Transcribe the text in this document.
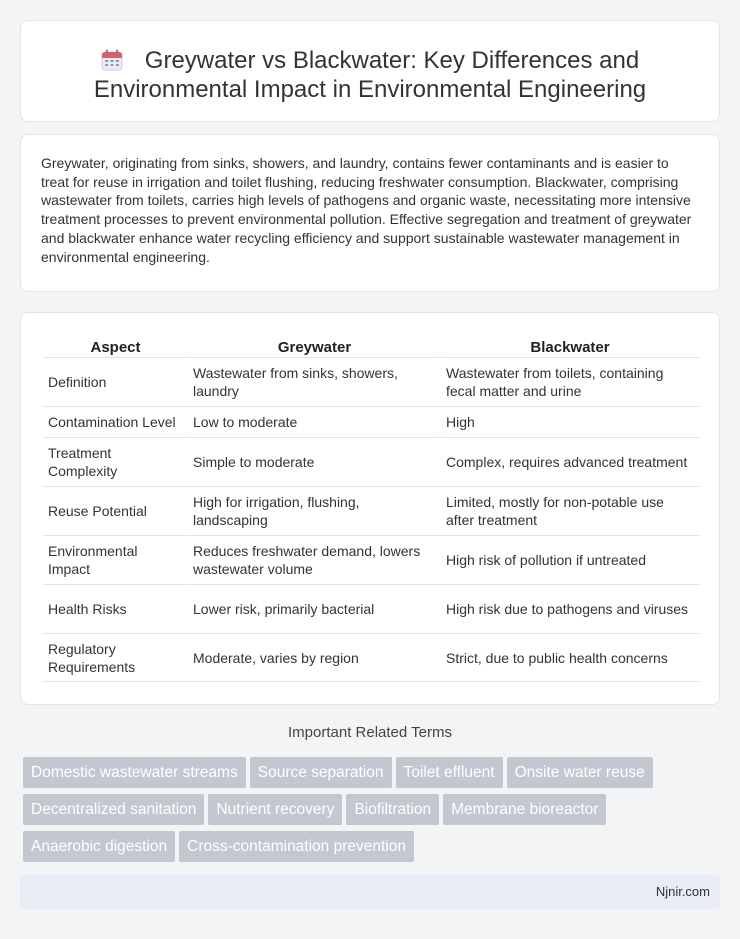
Greywater vs Blackwater: Key Differences and Environmental Impact in Environmental Engineering

Greywater, originating from sinks, showers, and laundry, contains fewer contaminants and is easier to treat for reuse in irrigation and toilet flushing, reducing freshwater consumption. Blackwater, comprising wastewater from toilets, carries high levels of pathogens and organic waste, necessitating more intensive treatment processes to prevent environmental pollution. Effective segregation and treatment of greywater and blackwater enhance water recycling efficiency and support sustainable wastewater management in environmental engineering.

Aspect	Greywater	Blackwater
Definition	Wastewater from sinks, showers, laundry	Wastewater from toilets, containing fecal matter and urine
Contamination Level	Low to moderate	High
Treatment Complexity	Simple to moderate	Complex, requires advanced treatment
Reuse Potential	High for irrigation, flushing, landscaping	Limited, mostly for non-potable use after treatment
Environmental Impact	Reduces freshwater demand, lowers wastewater volume	High risk of pollution if untreated
Health Risks	Lower risk, primarily bacterial	High risk due to pathogens and viruses
Regulatory Requirements	Moderate, varies by region	Strict, due to public health concerns
Important Related Terms
Domestic wastewater streams Source separation Toilet effluent Onsite water reuse
Decentralized sanitation Nutrient recovery Biofiltration Membrane bioreactor
Anaerobic digestion Cross-contamination prevention
Njnir.com
